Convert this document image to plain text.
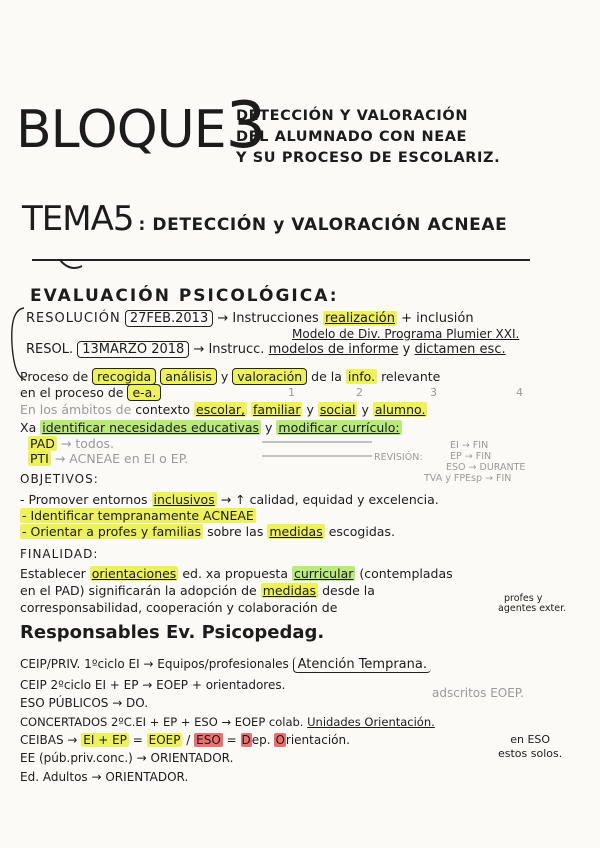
BLOQUE3
DETECCIÓN Y VALORACIÓN
DEL ALUMNADO CON NEAE
Y SU PROCESO DE ESCOLARIZ.
TEMA5 : DETECCIÓN y VALORACIÓN ACNEAE
EVALUACIÓN PSICOLÓGICA:
RESOLUCIÓN 27FEB.2013 → Instrucciones realización + inclusión
Modelo de Div. Programa Plumier XXI.
RESOL. 13MARZO 2018 → Instrucc. modelos de informe y dictamen esc.
Proceso de recogida análisis y valoración de la info. relevante
en el proceso de e-a.	1	2	3	4
En los ámbitos de contexto escolar, familiar y social y alumno.
Xa identificar necesidades educativas y modificar currículo:
PAD → todos.
PTI → ACNEAE en EI o EP.	REVISIÓN:
EI → FIN
EP → FIN
ESO → DURANTE
TVA y FPEsp → FIN
OBJETIVOS:
- Promover entornos inclusivos → ↑ calidad, equidad y excelencia.
- Identificar tempranamente ACNEAE
- Orientar a profes y familias sobre las medidas escogidas.
FINALIDAD:
Establecer orientaciones ed. xa propuesta curricular (contempladas
en el PAD) significarán la adopción de medidas desde la
corresponsabilidad, cooperación y colaboración de
profes y
agentes exter.
Responsables Ev. Psicopedag.
CEIP/PRIV. 1ºciclo EI → Equipos/profesionales Atención Temprana.
CEIP 2ºciclo EI + EP → EOEP + orientadores.
adscritos EOEP.
ESO PÚBLICOS → DO.
CONCERTADOS 2ºC.EI + EP + ESO → EOEP colab. Unidades Orientación.
CEIBAS → EI + EP = EOEP / ESO = Dep. Orientación.	en ESO
estos solos.
EE (púb.priv.conc.) → ORIENTADOR.
Ed. Adultos → ORIENTADOR.
